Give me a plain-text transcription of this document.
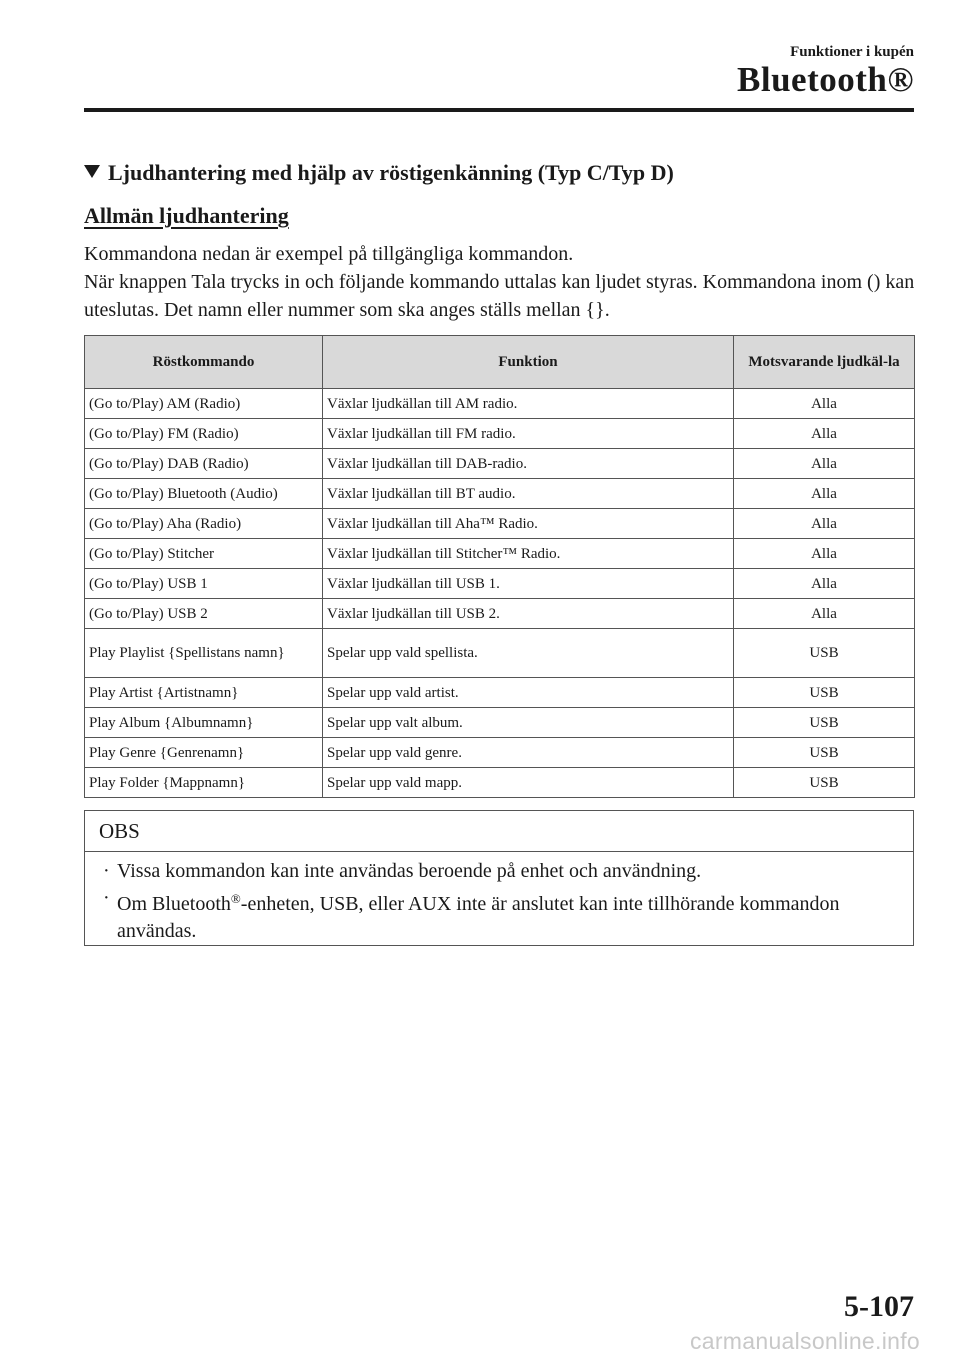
Funktioner i kupén
Bluetooth®
Ljudhantering med hjälp av röstigenkänning (Typ C/Typ D)
Allmän ljudhantering

Kommandona nedan är exempel på tillgängliga kommandon.

När knappen Tala trycks in och följande kommando uttalas kan ljudet styras. Kommandona inom () kan uteslutas. Det namn eller nummer som ska anges ställs mellan {}.

Röstkommando	Funktion	Motsvarande ljudkäl-la
(Go to/Play) AM (Radio)	Växlar ljudkällan till AM radio.	Alla
(Go to/Play) FM (Radio)	Växlar ljudkällan till FM radio.	Alla
(Go to/Play) DAB (Radio)	Växlar ljudkällan till DAB-radio.	Alla
(Go to/Play) Bluetooth (Audio)	Växlar ljudkällan till BT audio.	Alla
(Go to/Play) Aha (Radio)	Växlar ljudkällan till Aha™ Radio.	Alla
(Go to/Play) Stitcher	Växlar ljudkällan till Stitcher™ Radio.	Alla
(Go to/Play) USB 1	Växlar ljudkällan till USB 1.	Alla
(Go to/Play) USB 2	Växlar ljudkällan till USB 2.	Alla
Play Playlist {Spellistans namn}	Spelar upp vald spellista.	USB
Play Artist {Artistnamn}	Spelar upp vald artist.	USB
Play Album {Albumnamn}	Spelar upp valt album.	USB
Play Genre {Genrenamn}	Spelar upp vald genre.	USB
Play Folder {Mappnamn}	Spelar upp vald mapp.	USB
OBS
· Vissa kommandon kan inte användas beroende på enhet och användning.
· Om Bluetooth®-enheten, USB, eller AUX inte är anslutet kan inte tillhörande kommandon användas.
5-107
carmanualsonline.info
